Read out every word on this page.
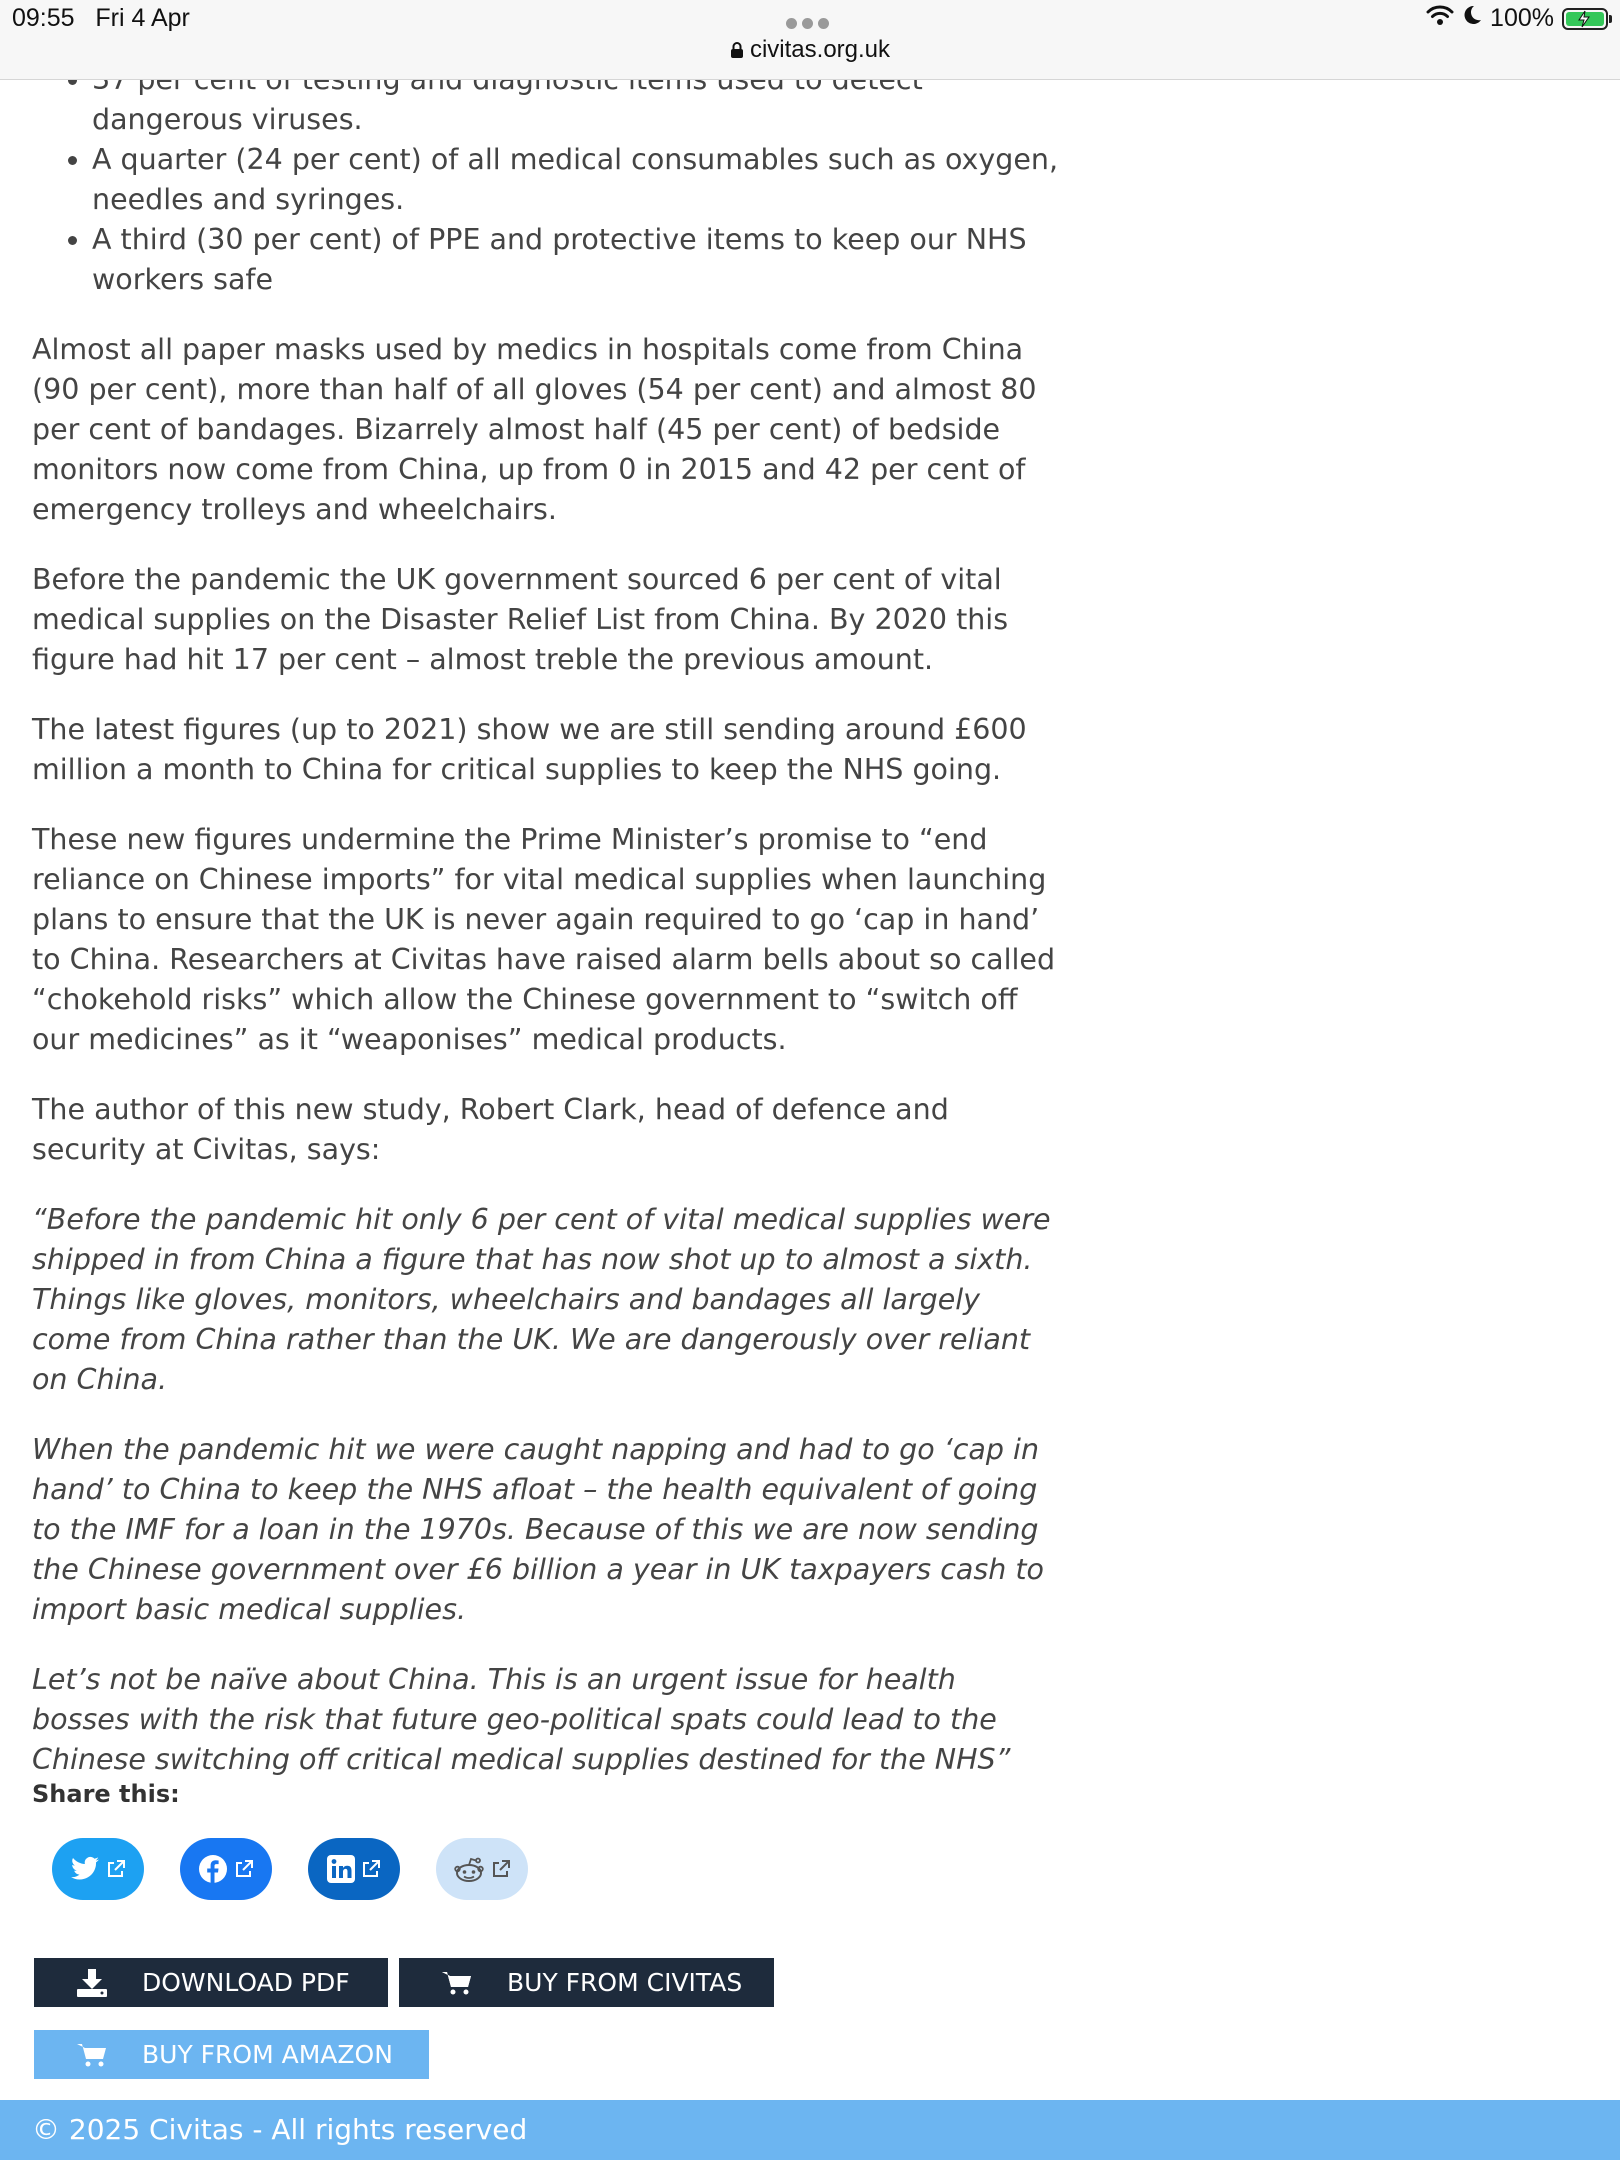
09:55 Fri 4 Apr
civitas.org.uk
100%
• dangerous viruses.
• A quarter (24 per cent) of all medical consumables such as oxygen, needles and syringes.
• A third (30 per cent) of PPE and protective items to keep our NHS workers safe

Almost all paper masks used by medics in hospitals come from China (90 per cent), more than half of all gloves (54 per cent) and almost 80 per cent of bandages. Bizarrely almost half (45 per cent) of bedside monitors now come from China, up from 0 in 2015 and 42 per cent of emergency trolleys and wheelchairs.

Before the pandemic the UK government sourced 6 per cent of vital medical supplies on the Disaster Relief List from China. By 2020 this figure had hit 17 per cent – almost treble the previous amount.

The latest figures (up to 2021) show we are still sending around £600 million a month to China for critical supplies to keep the NHS going.

These new figures undermine the Prime Minister’s promise to “end reliance on Chinese imports” for vital medical supplies when launching plans to ensure that the UK is never again required to go ‘cap in hand’ to China. Researchers at Civitas have raised alarm bells about so called “chokehold risks” which allow the Chinese government to “switch off our medicines” as it “weaponises” medical products.

The author of this new study, Robert Clark, head of defence and security at Civitas, says:

“Before the pandemic hit only 6 per cent of vital medical supplies were shipped in from China a figure that has now shot up to almost a sixth. Things like gloves, monitors, wheelchairs and bandages all largely come from China rather than the UK. We are dangerously over reliant on China.

When the pandemic hit we were caught napping and had to go ‘cap in hand’ to China to keep the NHS afloat – the health equivalent of going to the IMF for a loan in the 1970s. Because of this we are now sending the Chinese government over £6 billion a year in UK taxpayers cash to import basic medical supplies.

Let’s not be naïve about China. This is an urgent issue for health bosses with the risk that future geo-political spats could lead to the Chinese switching off critical medical supplies destined for the NHS”

Share this:
DOWNLOAD PDF	BUY FROM CIVITAS
BUY FROM AMAZON
© 2025 Civitas - All rights reserved
